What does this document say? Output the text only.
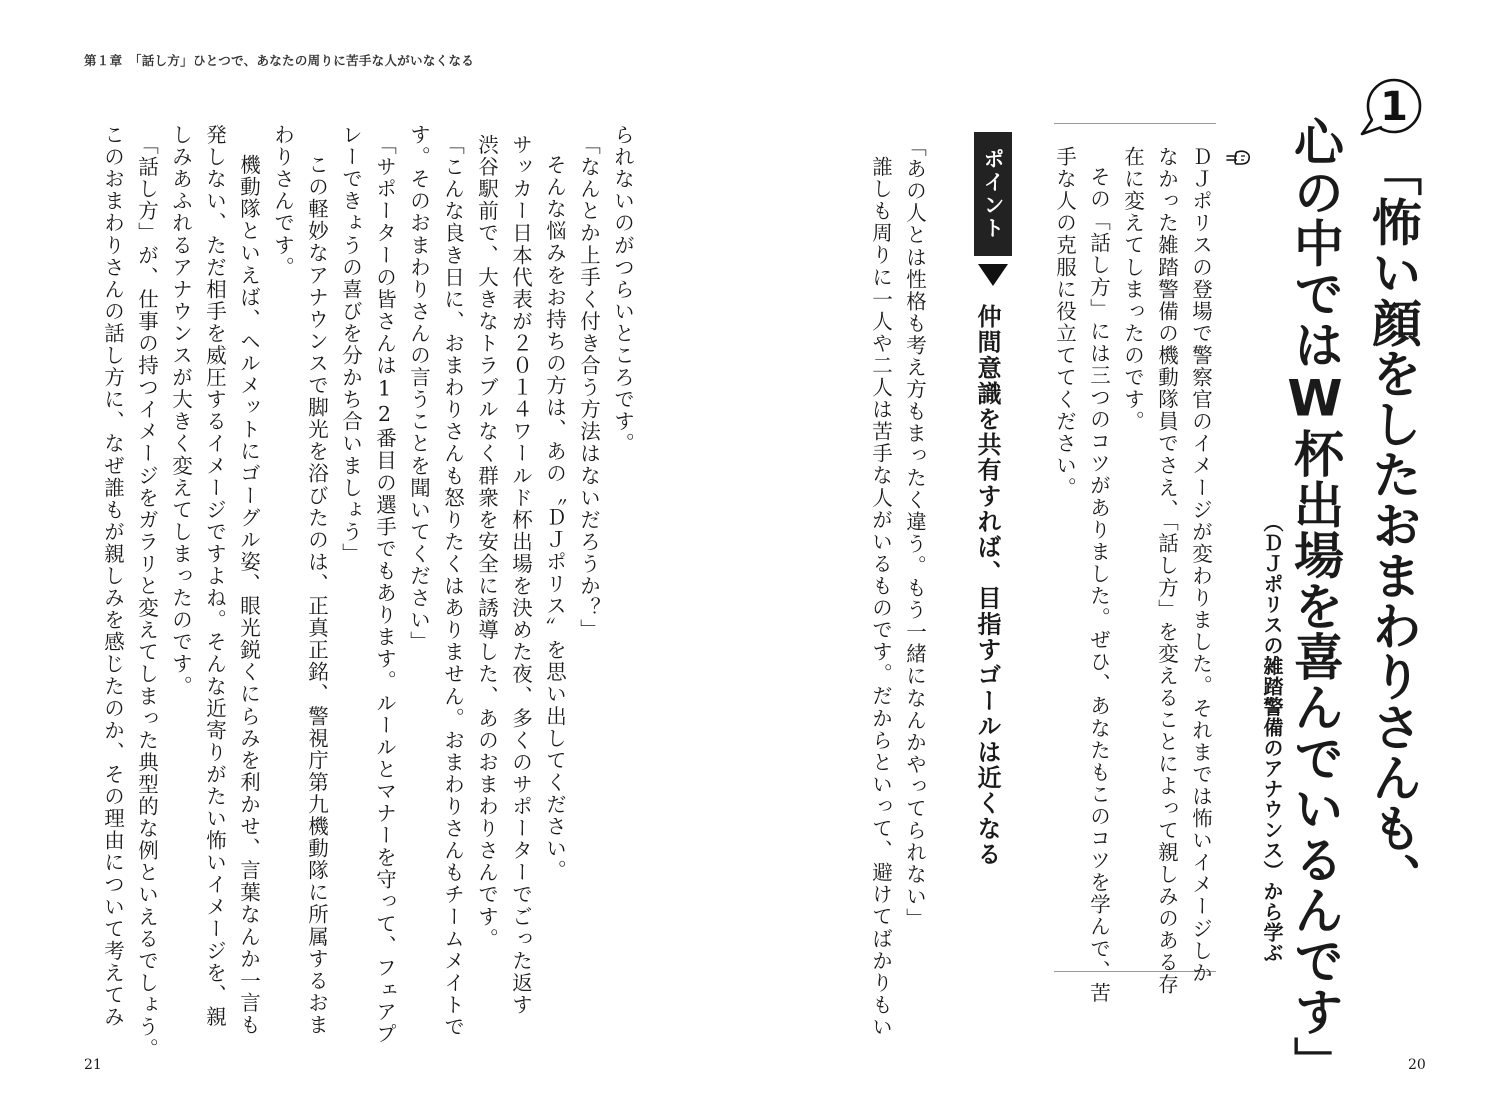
第１章　「話し方」ひとつで、あなたの周りに苦手な人がいなくなる
21	20
1
「怖い顔をしたおまわりさんも、
心の中ではW杯出場を喜んでいるんです」
（ＤＪポリスの雑踏警備のアナウンス）から学ぶ
ＤＪポリスの登場で警察官のイメージが変わりました。それまでは怖いイメージしか
なかった雑踏警備の機動隊員でさえ、「話し方」を変えることによって親しみのある存
在に変えてしまったのです。
その「話し方」には三つのコツがありました。ぜひ、あなたもこのコツを学んで、苦
手な人の克服に役立ててください。
ポイント
仲間意識を共有すれば、目指すゴールは近くなる
「あの人とは性格も考え方もまったく違う。もう一緒になんかやってられない」
誰しも周りに一人や二人は苦手な人がいるものです。だからといって、避けてばかりもい
られないのがつらいところです。
「なんとか上手く付き合う方法はないだろうか？」
そんな悩みをお持ちの方は、あの〝ＤＪポリス〟を思い出してください。
サッカー日本代表が２０１４ワールド杯出場を決めた夜、多くのサポーターでごった返す
渋谷駅前で、大きなトラブルなく群衆を安全に誘導した、あのおまわりさんです。
「こんな良き日に、おまわりさんも怒りたくはありません。おまわりさんもチームメイトで
す。そのおまわりさんの言うことを聞いてください」
「サポーターの皆さんは12番目の選手でもあります。ルールとマナーを守って、フェアプ
レーできょうの喜びを分かち合いましょう」
この軽妙なアナウンスで脚光を浴びたのは、正真正銘、警視庁第九機動隊に所属するおま
わりさんです。
機動隊といえば、ヘルメットにゴーグル姿、眼光鋭くにらみを利かせ、言葉なんか一言も
発しない、ただ相手を威圧するイメージですよね。そんな近寄りがたい怖いイメージを、親
しみあふれるアナウンスが大きく変えてしまったのです。
「話し方」が、仕事の持つイメージをガラリと変えてしまった典型的な例といえるでしょう。
このおまわりさんの話し方に、なぜ誰もが親しみを感じたのか、その理由について考えてみ
